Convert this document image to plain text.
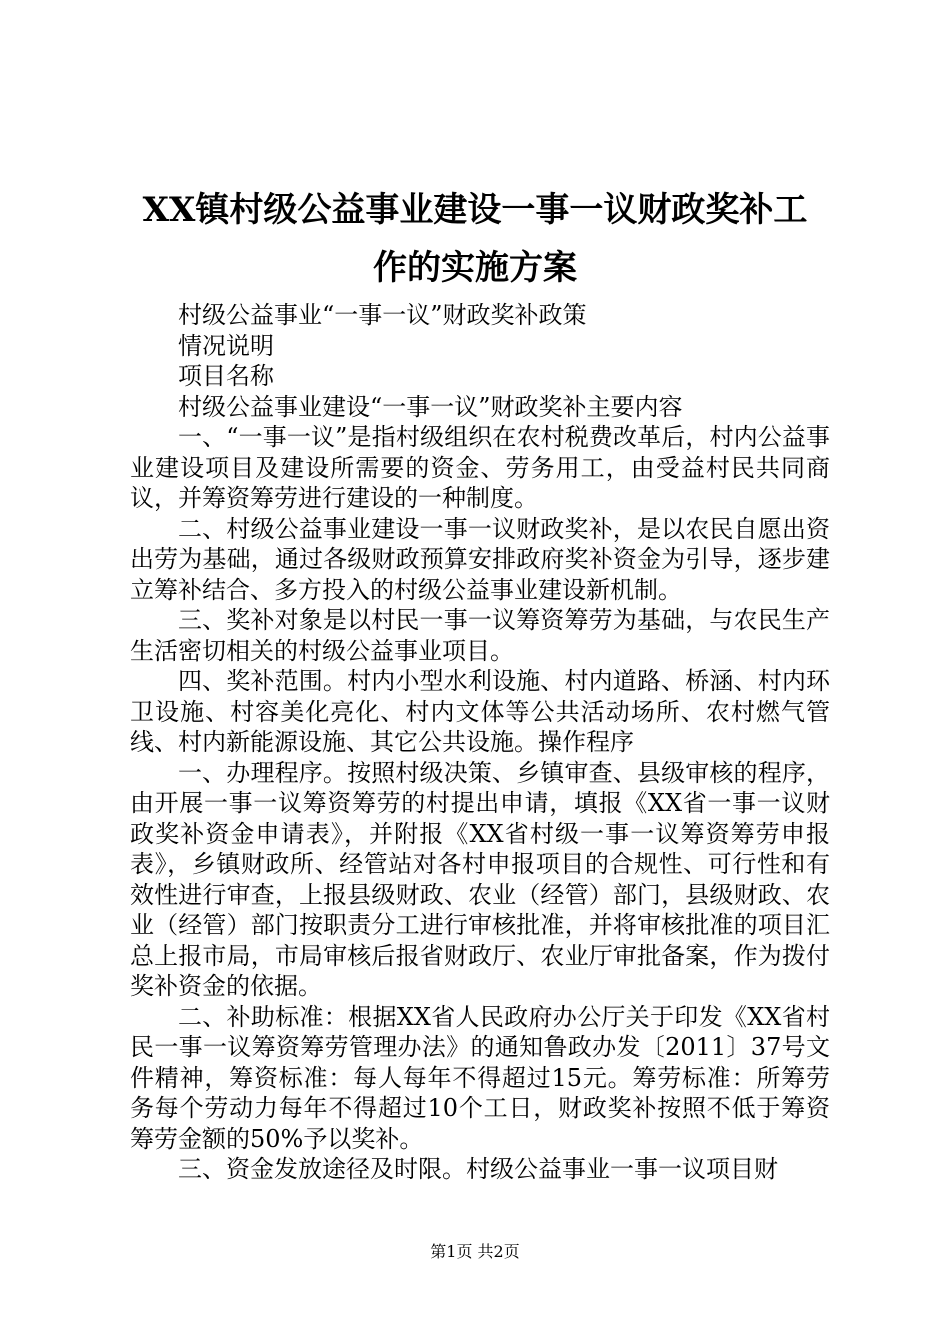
XX镇村级公益事业建设一事一议财政奖补工
作的实施方案

村级公益事业“一事一议”财政奖补政策

情况说明

项目名称

村级公益事业建设“一事一议”财政奖补主要内容

一、“一事一议”是指村级组织在农村税费改革后，村内公益事业建设项目及建设所需要的资金、劳务用工，由受益村民共同商议，并筹资筹劳进行建设的一种制度。

二、村级公益事业建设一事一议财政奖补，是以农民自愿出资出劳为基础，通过各级财政预算安排政府奖补资金为引导，逐步建立筹补结合、多方投入的村级公益事业建设新机制。

三、奖补对象是以村民一事一议筹资筹劳为基础，与农民生产生活密切相关的村级公益事业项目。

四、奖补范围。村内小型水利设施、村内道路、桥涵、村内环卫设施、村容美化亮化、村内文体等公共活动场所、农村燃气管线、村内新能源设施、其它公共设施。操作程序

一、办理程序。按照村级决策、乡镇审查、县级审核的程序，由开展一事一议筹资筹劳的村提出申请，填报《XX省一事一议财政奖补资金申请表》，并附报《XX省村级一事一议筹资筹劳申报表》，乡镇财政所、经管站对各村申报项目的合规性、可行性和有效性进行审查，上报县级财政、农业（经管）部门，县级财政、农业（经管）部门按职责分工进行审核批准，并将审核批准的项目汇总上报市局，市局审核后报省财政厅、农业厅审批备案，作为拨付奖补资金的依据。

二、补助标准：根据XX省人民政府办公厅关于印发《XX省村民一事一议筹资筹劳管理办法》的通知鲁政办发〔2011〕37号文件精神，筹资标准：每人每年不得超过15元。筹劳标准：所筹劳务每个劳动力每年不得超过10个工日，财政奖补按照不低于筹资筹劳金额的50%予以奖补。

三、资金发放途径及时限。村级公益事业一事一议项目财

第1页 共2页
